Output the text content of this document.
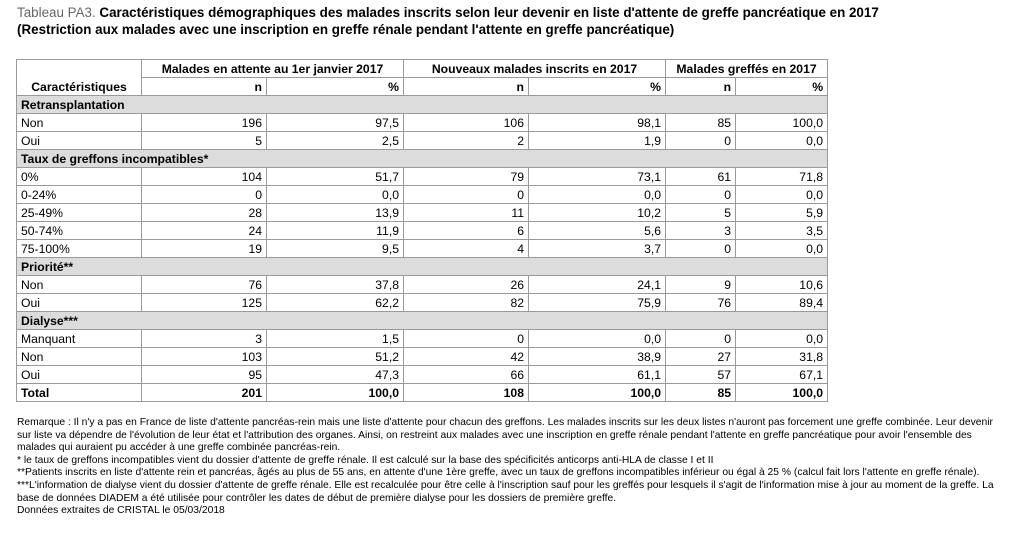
Tableau PA3. Caractéristiques démographiques des malades inscrits selon leur devenir en liste d'attente de greffe pancréatique en 2017
(Restriction aux malades avec une inscription en greffe rénale pendant l'attente en greffe pancréatique)
Caractéristiques	Malades en attente au 1er janvier 2017		Nouveaux malades inscrits en 2017		Malades greffés en 2017	
	n	%	n	%	n	%
Retransplantation						
Non	196	97,5	106	98,1	85	100,0
Oui	5	2,5	2	1,9	0	0,0
Taux de greffons incompatibles*						
0%	104	51,7	79	73,1	61	71,8
0-24%	0	0,0	0	0,0	0	0,0
25-49%	28	13,9	11	10,2	5	5,9
50-74%	24	11,9	6	5,6	3	3,5
75-100%	19	9,5	4	3,7	0	0,0
Priorité**						
Non	76	37,8	26	24,1	9	10,6
Oui	125	62,2	82	75,9	76	89,4
Dialyse***						
Manquant	3	1,5	0	0,0	0	0,0
Non	103	51,2	42	38,9	27	31,8
Oui	95	47,3	66	61,1	57	67,1
Total	201	100,0	108	100,0	85	100,0

Remarque : Il n'y a pas en France de liste d'attente pancréas-rein mais une liste d'attente pour chacun des greffons. Les malades inscrits sur les deux listes n'auront pas forcement une greffe combinée. Leur devenir sur liste va dépendre de l'évolution de leur état et l'attribution des organes. Ainsi, on restreint aux malades avec une inscription en greffe rénale pendant l'attente en greffe pancréatique pour avoir l'ensemble des malades qui auraient pu accéder à une greffe combinée pancréas-rein.

* le taux de greffons incompatibles vient du dossier d'attente de greffe rénale. Il est calculé sur la base des spécificités anticorps anti-HLA de classe I et II

**Patients inscrits en liste d'attente rein et pancréas, âgés au plus de 55 ans, en attente d'une 1ère greffe, avec un taux de greffons incompatibles inférieur ou égal à 25 % (calcul fait lors l'attente en greffe rénale).

***L'information de dialyse vient du dossier d'attente de greffe rénale. Elle est recalculée pour être celle à l'inscription sauf pour les greffés pour lesquels il s'agit de l'information mise à jour au moment de la greffe. La base de données DIADEM a été utilisée pour contrôler les dates de début de première dialyse pour les dossiers de première greffe.

Données extraites de CRISTAL le 05/03/2018
